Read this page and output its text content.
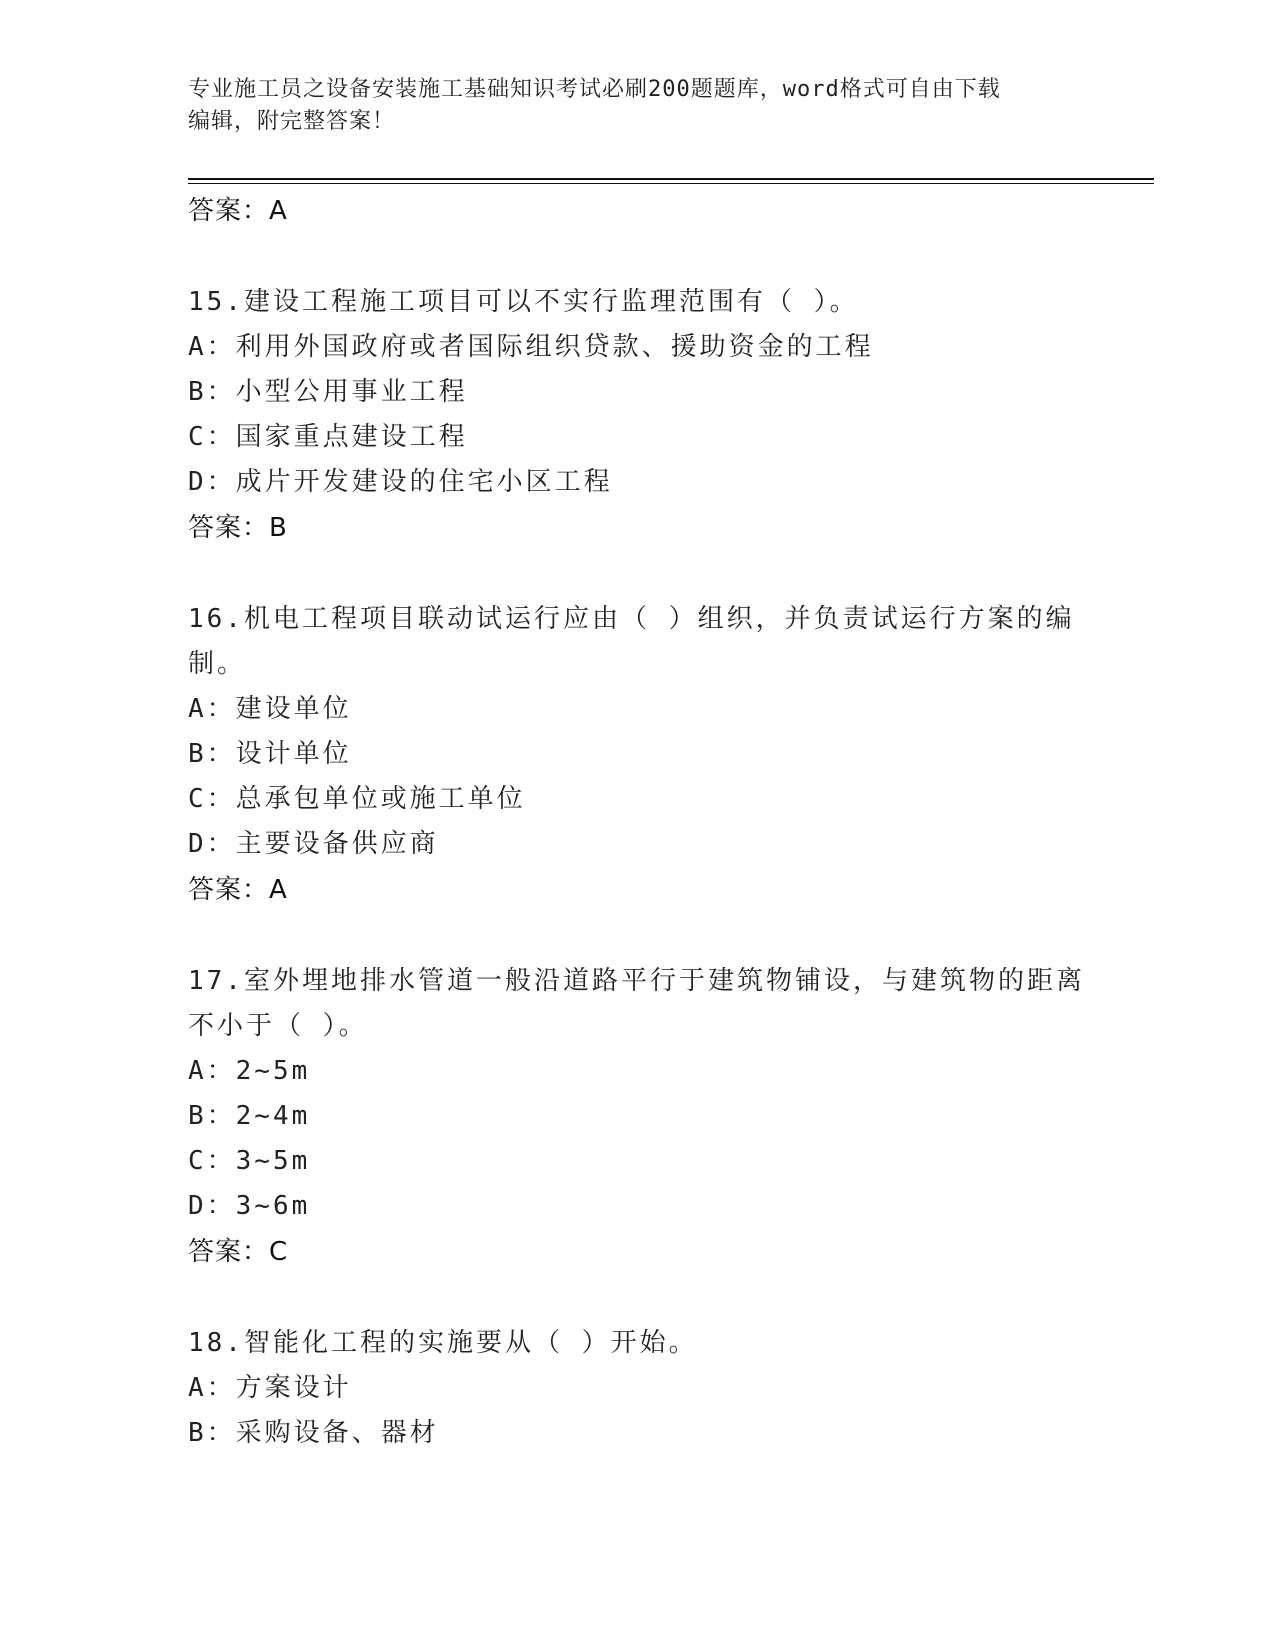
专业施工员之设备安装施工基础知识考试必刷200题题库，word格式可自由下载
编辑，附完整答案！
答案：A
15.建设工程施工项目可以不实行监理范围有（ ）。
A：利用外国政府或者国际组织贷款、援助资金的工程
B：小型公用事业工程
C：国家重点建设工程
D：成片开发建设的住宅小区工程
答案：B
16.机电工程项目联动试运行应由（ ）组织，并负责试运行方案的编
制。
A：建设单位
B：设计单位
C：总承包单位或施工单位
D：主要设备供应商
答案：A
17.室外埋地排水管道一般沿道路平行于建筑物铺设，与建筑物的距离
不小于（ ）。
A：2~5m
B：2~4m
C：3~5m
D：3~6m
答案：C
18.智能化工程的实施要从（ ）开始。
A：方案设计
B：采购设备、器材
